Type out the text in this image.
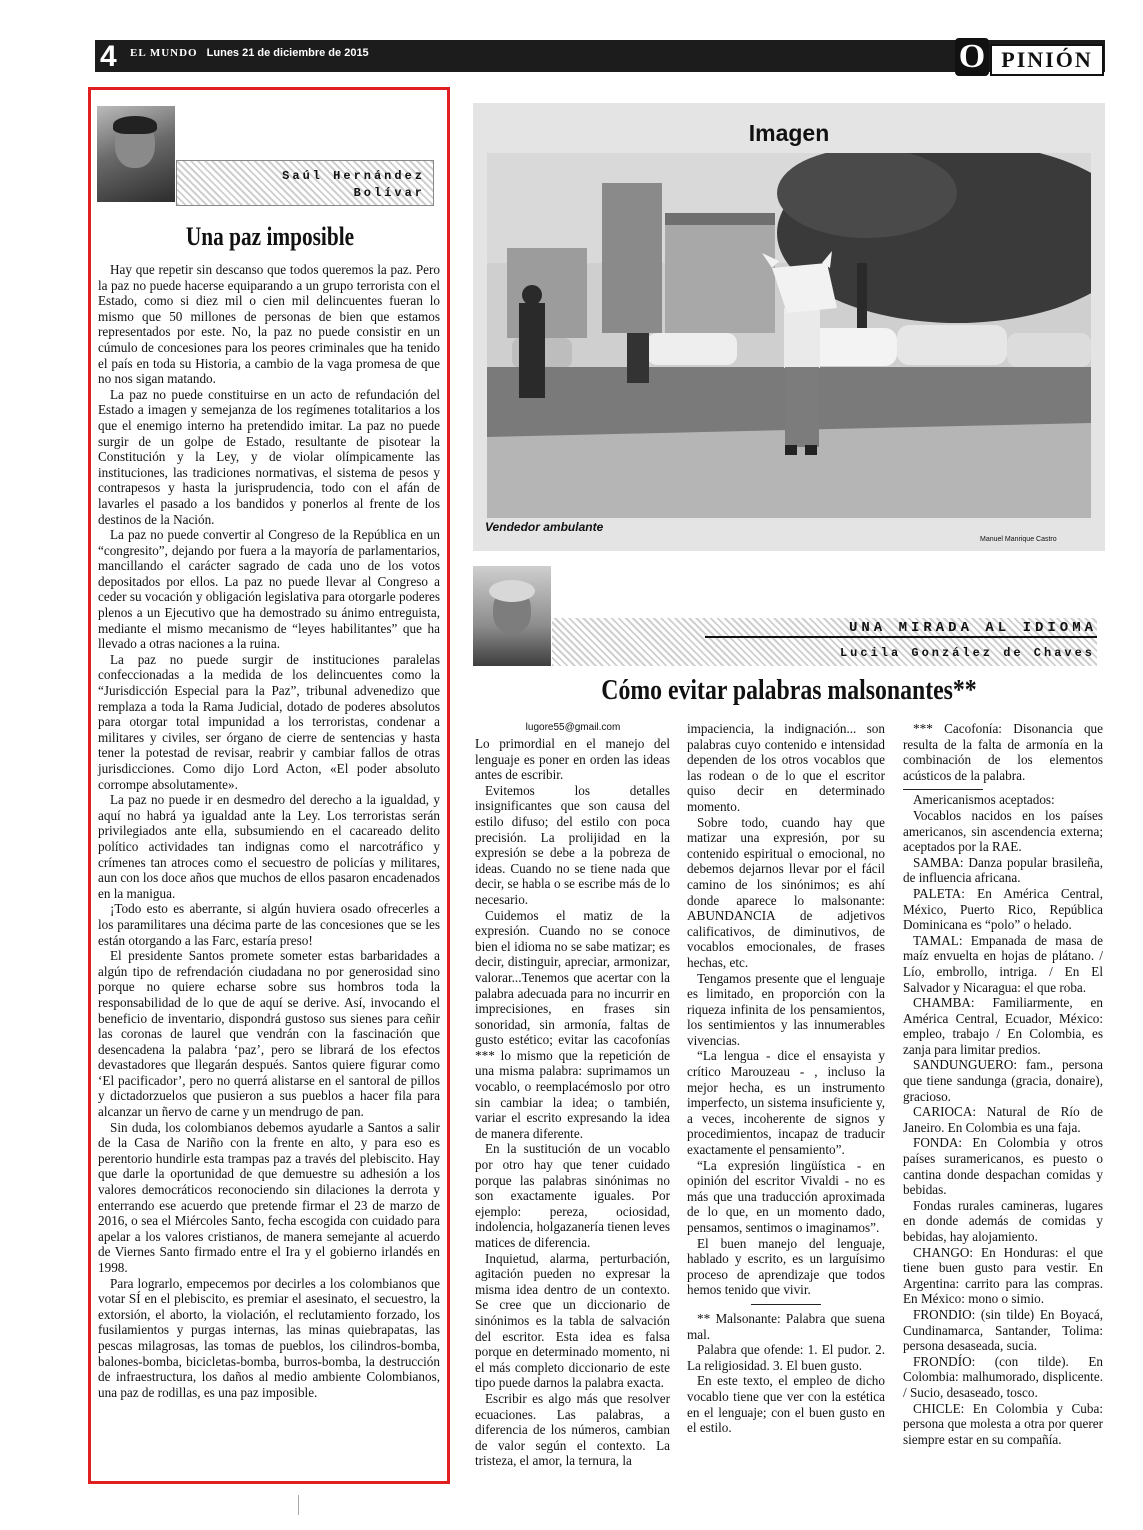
4 EL MUNDO Lunes 21 de diciembre de 2015	O PINIÓN
Saúl Hernández
Bolívar
Una paz imposible

Hay que repetir sin descanso que todos queremos la paz. Pero la paz no puede hacerse equiparando a un grupo terrorista con el Estado, como si diez mil o cien mil delincuentes fueran lo mismo que 50 millones de personas de bien que estamos representados por este. No, la paz no puede consistir en un cúmulo de concesiones para los peores criminales que ha tenido el país en toda su Historia, a cambio de la vaga promesa de que no nos sigan matando.

La paz no puede constituirse en un acto de refundación del Estado a imagen y semejanza de los regímenes totalitarios a los que el enemigo interno ha pretendido imitar. La paz no puede surgir de un golpe de Estado, resultante de pisotear la Constitución y la Ley, y de violar olímpicamente las instituciones, las tradiciones normativas, el sistema de pesos y contrapesos y hasta la jurisprudencia, todo con el afán de lavarles el pasado a los bandidos y ponerlos al frente de los destinos de la Nación.

La paz no puede convertir al Congreso de la República en un “congresito”, dejando por fuera a la mayoría de parlamentarios, mancillando el carácter sagrado de cada uno de los votos depositados por ellos. La paz no puede llevar al Congreso a ceder su vocación y obligación legislativa para otorgarle poderes plenos a un Ejecutivo que ha demostrado su ánimo entreguista, mediante el mismo mecanismo de “leyes habilitantes” que ha llevado a otras naciones a la ruina.

La paz no puede surgir de instituciones paralelas confeccionadas a la medida de los delincuentes como la “Jurisdicción Especial para la Paz”, tribunal advenedizo que remplaza a toda la Rama Judicial, dotado de poderes absolutos para otorgar total impunidad a los terroristas, condenar a militares y civiles, ser órgano de cierre de sentencias y hasta tener la potestad de revisar, reabrir y cambiar fallos de otras jurisdicciones. Como dijo Lord Acton, «El poder absoluto corrompe absolutamente».

La paz no puede ir en desmedro del derecho a la igualdad, y aquí no habrá ya igualdad ante la Ley. Los terroristas serán privilegiados ante ella, subsumiendo en el cacareado delito político actividades tan indignas como el narcotráfico y crímenes tan atroces como el secuestro de policías y militares, aun con los doce años que muchos de ellos pasaron encadenados en la manigua.

¡Todo esto es aberrante, si algún huviera osado ofrecerles a los paramilitares una décima parte de las concesiones que se les están otorgando a las Farc, estaría preso!

El presidente Santos promete someter estas barbaridades a algún tipo de refrendación ciudadana no por generosidad sino porque no quiere echarse sobre sus hombros toda la responsabilidad de lo que de aquí se derive. Así, invocando el beneficio de inventario, dispondrá gustoso sus sienes para ceñir las coronas de laurel que vendrán con la fascinación que desencadena la palabra ‘paz’, pero se librará de los efectos devastadores que llegarán después. Santos quiere figurar como ‘El pacificador’, pero no querrá alistarse en el santoral de pillos y dictadorzuelos que pusieron a sus pueblos a hacer fila para alcanzar un ñervo de carne y un mendrugo de pan.

Sin duda, los colombianos debemos ayudarle a Santos a salir de la Casa de Nariño con la frente en alto, y para eso es perentorio hundirle esta trampas paz a través del plebiscito. Hay que darle la oportunidad de que demuestre su adhesión a los valores democráticos reconociendo sin dilaciones la derrota y enterrando ese acuerdo que pretende firmar el 23 de marzo de 2016, o sea el Miércoles Santo, fecha escogida con cuidado para apelar a los valores cristianos, de manera semejante al acuerdo de Viernes Santo firmado entre el Ira y el gobierno irlandés en 1998.

Para lograrlo, empecemos por decirles a los colombianos que votar SÍ en el plebiscito, es premiar el asesinato, el secuestro, la extorsión, el aborto, la violación, el reclutamiento forzado, los fusilamientos y purgas internas, las minas quiebrapatas, las pescas milagrosas, las tomas de pueblos, los cilindros-bomba, balones-bomba, bicicletas-bomba, burros-bomba, la destrucción de infraestructura, los daños al medio ambiente Colombianos, una paz de rodillas, es una paz imposible.

Imagen
Vendedor ambulante
Manuel Manrique Castro
UNA MIRADA AL IDIOMA
Lucila González de Chaves
Cómo evitar palabras malsonantes**
lugore55@gmail.com

Lo primordial en el manejo del lenguaje es poner en orden las ideas antes de escribir.

Evitemos los detalles insignificantes que son causa del estilo difuso; del estilo con poca precisión. La prolijidad en la expresión se debe a la pobreza de ideas. Cuando no se tiene nada que decir, se habla o se escribe más de lo necesario.

Cuidemos el matiz de la expresión. Cuando no se conoce bien el idioma no se sabe matizar; es decir, distinguir, apreciar, armonizar, valorar...Tenemos que acertar con la palabra adecuada para no incurrir en imprecisiones, en frases sin sonoridad, sin armonía, faltas de gusto estético; evitar las cacofonías *** lo mismo que la repetición de una misma palabra: suprimamos un vocablo, o reemplacémoslo por otro sin cambiar la idea; o también, variar el escrito expresando la idea de manera diferente.

En la sustitución de un vocablo por otro hay que tener cuidado porque las palabras sinónimas no son exactamente iguales. Por ejemplo: pereza, ociosidad, indolencia, holgazanería tienen leves matices de diferencia.

Inquietud, alarma, perturbación, agitación pueden no expresar la misma idea dentro de un contexto. Se cree que un diccionario de sinónimos es la tabla de salvación del escritor. Esta idea es falsa porque en determinado momento, ni el más completo diccionario de este tipo puede darnos la palabra exacta.

Escribir es algo más que resolver ecuaciones. Las palabras, a diferencia de los números, cambian de valor según el contexto. La tristeza, el amor, la ternura, la

impaciencia, la indignación... son palabras cuyo contenido e intensidad dependen de los otros vocablos que las rodean o de lo que el escritor quiso decir en determinado momento.

Sobre todo, cuando hay que matizar una expresión, por su contenido espiritual o emocional, no debemos dejarnos llevar por el fácil camino de los sinónimos; es ahí donde aparece lo malsonante: ABUNDANCIA de adjetivos calificativos, de diminutivos, de vocablos emocionales, de frases hechas, etc.

Tengamos presente que el lenguaje es limitado, en proporción con la riqueza infinita de los pensamientos, los sentimientos y las innumerables vivencias.

“La lengua - dice el ensayista y crítico Marouzeau - , incluso la mejor hecha, es un instrumento imperfecto, un sistema insuficiente y, a veces, incoherente de signos y procedimientos, incapaz de traducir exactamente el pensamiento”.

“La expresión lingüística - en opinión del escritor Vivaldi - no es más que una traducción aproximada de lo que, en un momento dado, pensamos, sentimos o imaginamos”.

El buen manejo del lenguaje, hablado y escrito, es un larguísimo proceso de aprendizaje que todos hemos tenido que vivir.

** Malsonante: Palabra que suena mal.

Palabra que ofende: 1. El pudor. 2. La religiosidad. 3. El buen gusto.

En este texto, el empleo de dicho vocablo tiene que ver con la estética en el lenguaje; con el buen gusto en el estilo.

*** Cacofonía: Disonancia que resulta de la falta de armonía en la combinación de los elementos acústicos de la palabra.

Americanismos aceptados:

Vocablos nacidos en los países americanos, sin ascendencia externa; aceptados por la RAE.

SAMBA: Danza popular brasileña, de influencia africana.

PALETA: En América Central, México, Puerto Rico, República Dominicana es “polo” o helado.

TAMAL: Empanada de masa de maíz envuelta en hojas de plátano. / Lío, embrollo, intriga. / En El Salvador y Nicaragua: el que roba.

CHAMBA: Familiarmente, en América Central, Ecuador, México: empleo, trabajo / En Colombia, es zanja para limitar predios.

SANDUNGUERO: fam., persona que tiene sandunga (gracia, donaire), gracioso.

CARIOCA: Natural de Río de Janeiro. En Colombia es una faja.

FONDA: En Colombia y otros países suramericanos, es puesto o cantina donde despachan comidas y bebidas.

Fondas rurales camineras, lugares en donde además de comidas y bebidas, hay alojamiento.

CHANGO: En Honduras: el que tiene buen gusto para vestir. En Argentina: carrito para las compras. En México: mono o simio.

FRONDIO: (sin tilde) En Boyacá, Cundinamarca, Santander, Tolima: persona desaseada, sucia.

FRONDÍO: (con tilde). En Colombia: malhumorado, displicente. / Sucio, desaseado, tosco.

CHICLE: En Colombia y Cuba: persona que molesta a otra por querer siempre estar en su compañía.
